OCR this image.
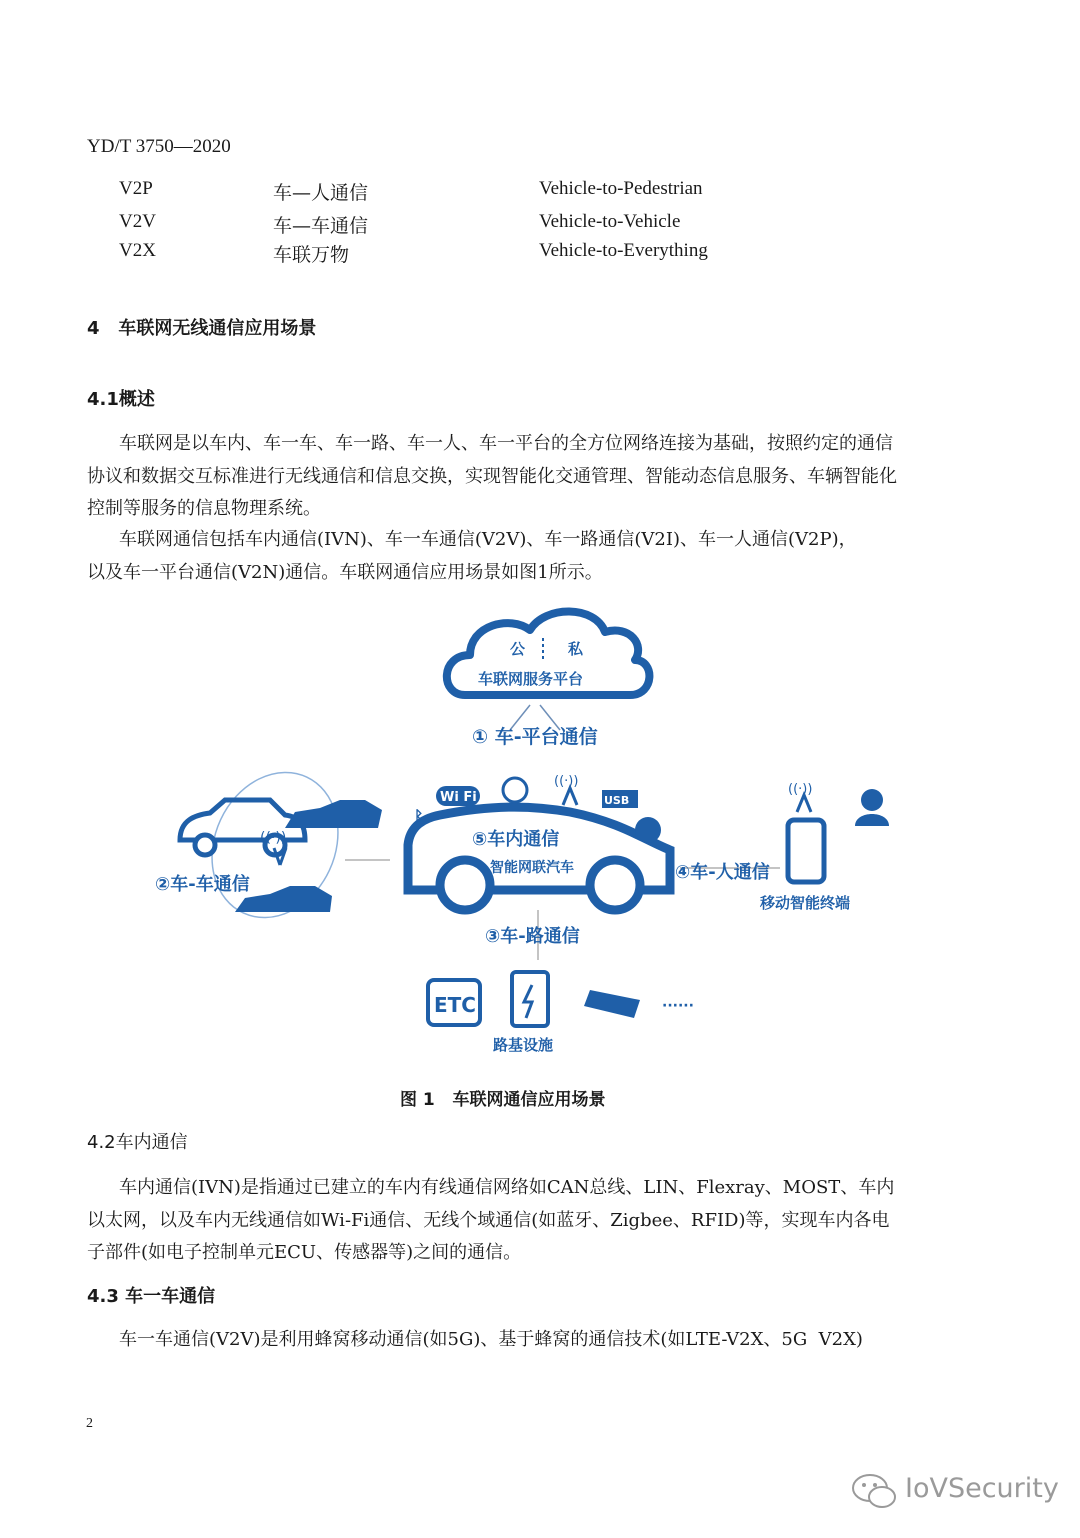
YD/T 3750—2020
V2P	车—人通信	Vehicle-to-Pedestrian
V2V	车—车通信	Vehicle-to-Vehicle
V2X	车联万物	Vehicle-to-Everything
4   车联网无线通信应用场景
4.1概述

车联网是以车内、车一车、车一路、车一人、车一平台的全方位网络连接为基础，按照约定的通信

协议和数据交互标准进行无线通信和信息交换，实现智能化交通管理、智能动态信息服务、车辆智能化

控制等服务的信息物理系统。

车联网通信包括车内通信(IVN)、车一车通信(V2V)、车一路通信(V2I)、车一人通信(V2P)，

以及车一平台通信(V2N)通信。车联网通信应用场景如图1所示。

公	私
车联网服务平台
① 车-平台通信
((·))
②车-车通信
⑤车内通信
智能网联汽车
Wi Fi
ᛒ
((·))
USB
④车-人通信
((·))
移动智能终端
③车-路通信
ETC	······
路基设施
图 1   车联网通信应用场景
4.2车内通信

车内通信(IVN)是指通过已建立的车内有线通信网络如CAN总线、LIN、Flexray、MOST、车内

以太网，以及车内无线通信如Wi-Fi通信、无线个域通信(如蓝牙、Zigbee、RFID)等，实现车内各电

子部件(如电子控制单元ECU、传感器等)之间的通信。

4.3 车一车通信

车一车通信(V2V)是利用蜂窝移动通信(如5G)、基于蜂窝的通信技术(如LTE-V2X、5G  V2X)

2
IoVSecurity
